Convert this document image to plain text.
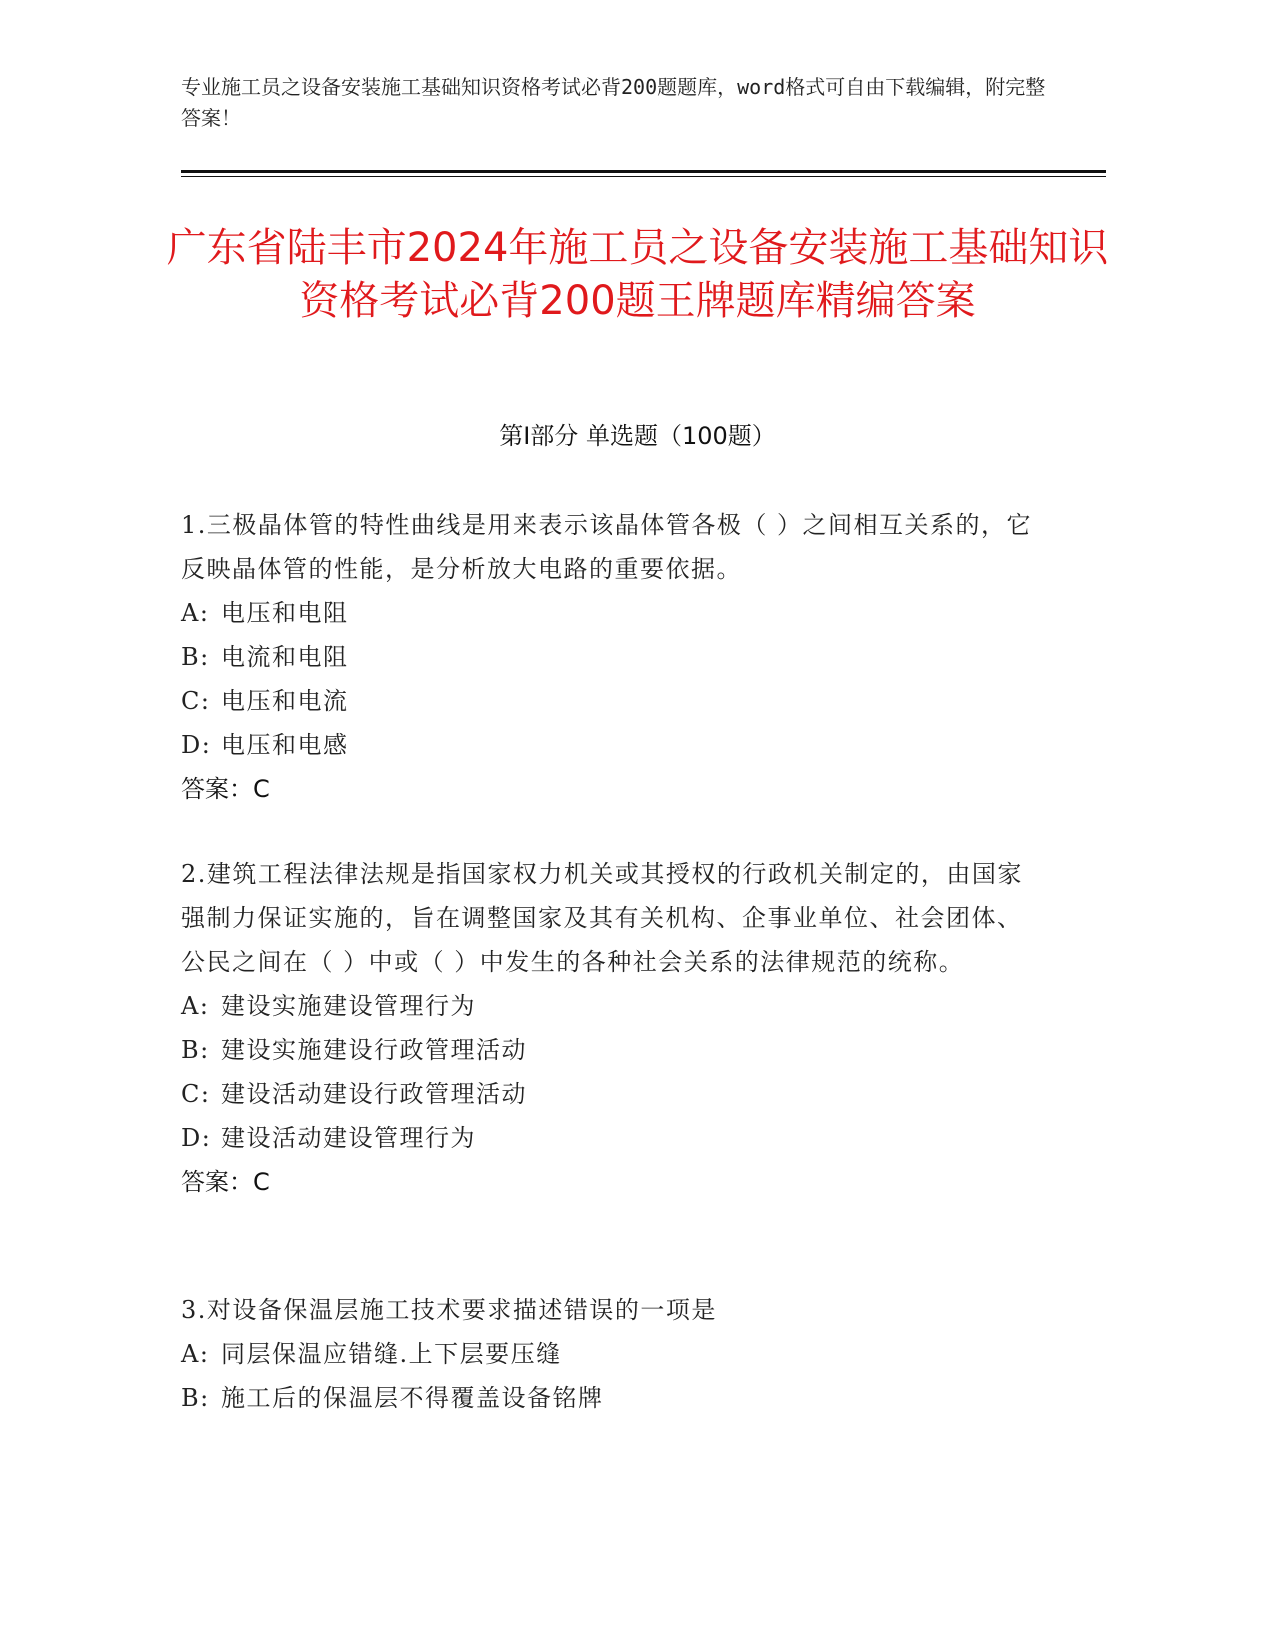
专业施工员之设备安装施工基础知识资格考试必背200题题库，word格式可自由下载编辑，附完整答案！
广东省陆丰市2024年施工员之设备安装施工基础知识资格考试必背200题王牌题库精编答案
第Ⅰ部分 单选题（100题）
1.三极晶体管的特性曲线是用来表示该晶体管各极（ ）之间相互关系的，它反映晶体管的性能，是分析放大电路的重要依据。
A: 电压和电阻
B: 电流和电阻
C: 电压和电流
D: 电压和电感
答案：C
2.建筑工程法律法规是指国家权力机关或其授权的行政机关制定的，由国家强制力保证实施的，旨在调整国家及其有关机构、企事业单位、社会团体、公民之间在（ ）中或（ ）中发生的各种社会关系的法律规范的统称。
A: 建设实施建设管理行为
B: 建设实施建设行政管理活动
C: 建设活动建设行政管理活动
D: 建设活动建设管理行为
答案：C
3.对设备保温层施工技术要求描述错误的一项是
A: 同层保温应错缝.上下层要压缝
B: 施工后的保温层不得覆盖设备铭牌
